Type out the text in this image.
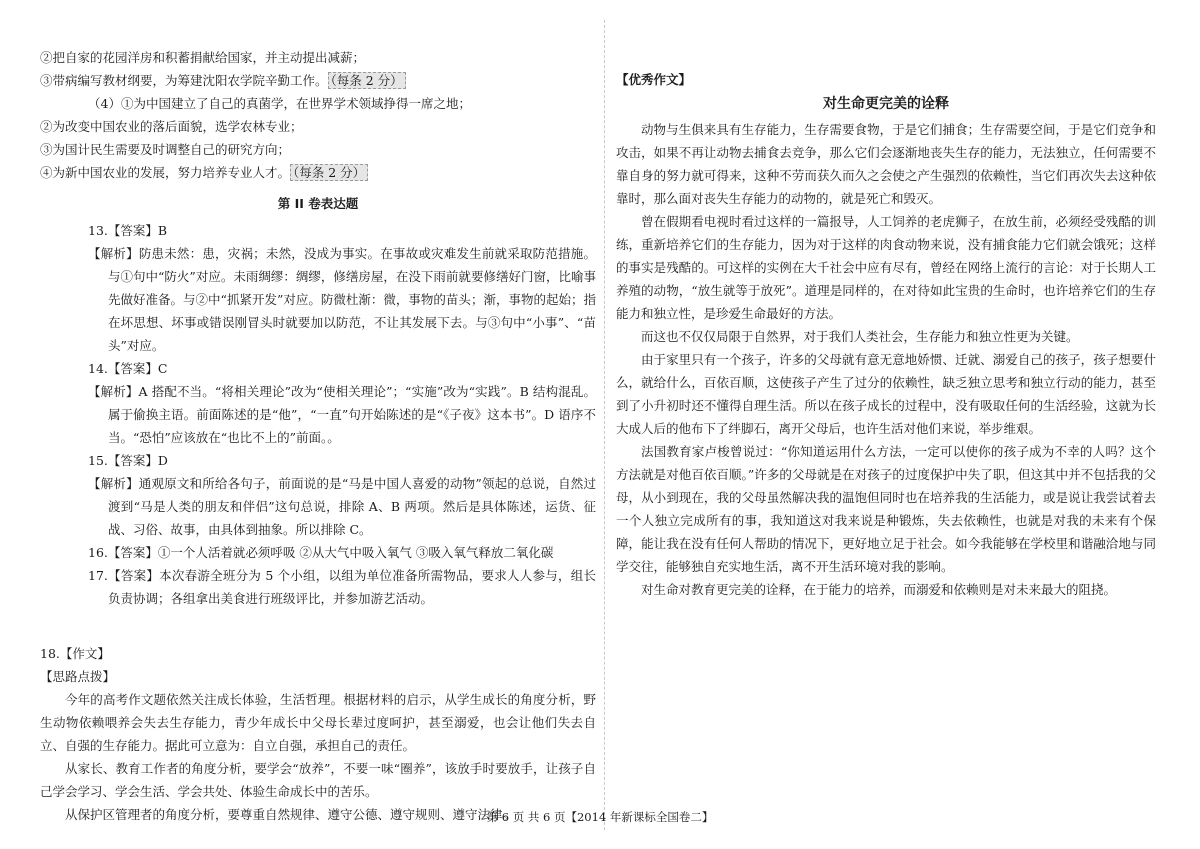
②把自家的花园洋房和积蓄捐献给国家，并主动提出减薪；

③带病编写教材纲要，为筹建沈阳农学院辛勤工作。 （每条 2 分）

（4）①为中国建立了自己的真菌学，在世界学术领域挣得一席之地；

②为改变中国农业的落后面貌，选学农林专业；

③为国计民生需要及时调整自己的研究方向；

④为新中国农业的发展，努力培养专业人才。 （每条 2 分）

第 II 卷表达题

13.【答案】B

【解析】防患未然：患，灾祸；未然，没成为事实。在事故或灾难发生前就采取防范措施。与①句中“防火”对应。未雨绸缪：绸缪，修缮房屋，在没下雨前就要修缮好门窗，比喻事先做好准备。与②中“抓紧开发”对应。防微杜渐：微，事物的苗头；渐，事物的起始；指在坏思想、坏事或错误刚冒头时就要加以防范，不让其发展下去。与③句中“小事”、“苗头”对应。

14.【答案】C

【解析】A 搭配不当。“将相关理论”改为“使相关理论”；“实施”改为“实践”。B 结构混乱。属于偷换主语。前面陈述的是“他”，“一直”句开始陈述的是“《子夜》这本书”。D 语序不当。“恐怕”应该放在“也比不上的”前面。。

15.【答案】D

【解析】通观原文和所给各句子，前面说的是“马是中国人喜爱的动物”领起的总说，自然过渡到“马是人类的朋友和伴侣”这句总说，排除 A、B 两项。然后是具体陈述，运货、征战、习俗、故事，由具体到抽象。所以排除 C。

16.【答案】①一个人活着就必须呼吸 ②从大气中吸入氧气 ③吸入氧气释放二氧化碳

17.【答案】本次春游全班分为 5 个小组，以组为单位准备所需物品，要求人人参与，组长负责协调；各组拿出美食进行班级评比，并参加游艺活动。

18.【作文】

【思路点拨】

今年的高考作文题依然关注成长体验，生活哲理。根据材料的启示，从学生成长的角度分析，野生动物依赖喂养会失去生存能力，青少年成长中父母长辈过度呵护，甚至溺爱，也会让他们失去自立、自强的生存能力。据此可立意为：自立自强，承担自己的责任。

从家长、教育工作者的角度分析，要学会“放养”，不要一味“圈养”，该放手时要放手，让孩子自己学会学习、学会生活、学会共处、体验生命成长中的苦乐。

从保护区管理者的角度分析，要尊重自然规律、遵守公德、遵守规则、遵守法律。

【优秀作文】

对生命更完美的诠释

动物与生俱来具有生存能力，生存需要食物，于是它们捕食；生存需要空间，于是它们竞争和攻击，如果不再让动物去捕食去竞争，那么它们会逐渐地丧失生存的能力，无法独立，任何需要不靠自身的努力就可得来，这种不劳而获久而久之会使之产生强烈的依赖性，当它们再次失去这种依靠时，那么面对丧失生存能力的动物的，就是死亡和毁灭。

曾在假期看电视时看过这样的一篇报导，人工饲养的老虎狮子，在放生前，必须经受残酷的训练，重新培养它们的生存能力，因为对于这样的肉食动物来说，没有捕食能力它们就会饿死；这样的事实是残酷的。可这样的实例在大千社会中应有尽有，曾经在网络上流行的言论：对于长期人工养殖的动物，“放生就等于放死”。道理是同样的，在对待如此宝贵的生命时，也许培养它们的生存能力和独立性，是珍爱生命最好的方法。

而这也不仅仅局限于自然界，对于我们人类社会，生存能力和独立性更为关键。

由于家里只有一个孩子，许多的父母就有意无意地娇惯、迁就、溺爱自己的孩子，孩子想要什么，就给什么，百依百顺，这使孩子产生了过分的依赖性，缺乏独立思考和独立行动的能力，甚至到了小升初时还不懂得自理生活。所以在孩子成长的过程中，没有吸取任何的生活经验，这就为长大成人后的他布下了绊脚石，离开父母后，也许生活对他们来说，举步维艰。

法国教育家卢梭曾说过：“你知道运用什么方法，一定可以使你的孩子成为不幸的人吗？这个方法就是对他百依百顺。”许多的父母就是在对孩子的过度保护中失了职，但这其中并不包括我的父母，从小到现在，我的父母虽然解决我的温饱但同时也在培养我的生活能力，或是说让我尝试着去一个人独立完成所有的事，我知道这对我来说是种锻炼，失去依赖性，也就是对我的未来有个保障，能让我在没有任何人帮助的情况下，更好地立足于社会。如今我能够在学校里和谐融洽地与同学交往，能够独自充实地生活，离不开生活环境对我的影响。

对生命对教育更完美的诠释，在于能力的培养，而溺爱和依赖则是对未来最大的阻挠。

第 6 页 共 6 页【2014 年新课标全国卷二】
